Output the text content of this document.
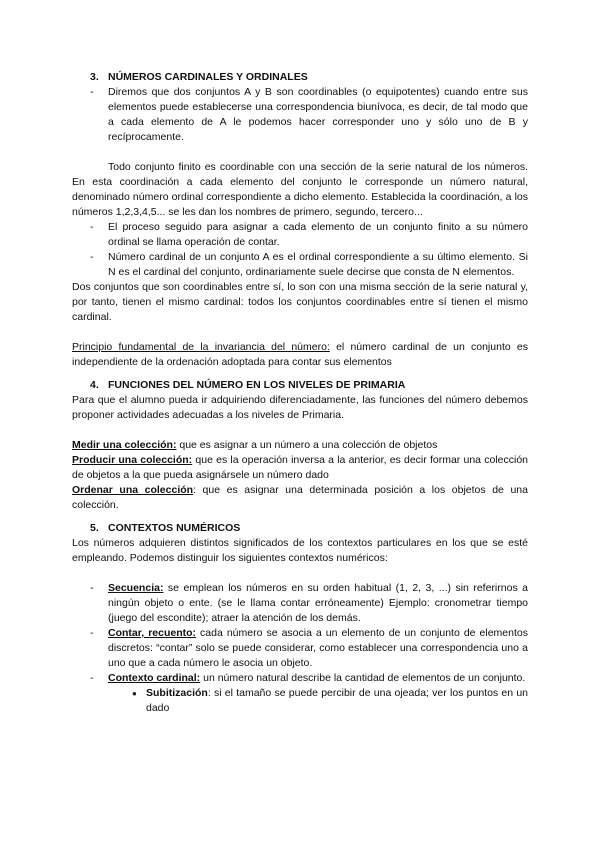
3. NÚMEROS CARDINALES Y ORDINALES

- Diremos que dos conjuntos A y B son coordinables (o equipotentes) cuando entre sus elementos puede establecerse una correspondencia biunívoca, es decir, de tal modo que a cada elemento de A le podemos hacer corresponder uno y sólo uno de B y recíprocamente.

Todo conjunto finito es coordinable con una sección de la serie natural de los números. En esta coordinación a cada elemento del conjunto le corresponde un número natural, denominado número ordinal correspondiente a dicho elemento. Establecida la coordinación, a los números 1,2,3,4,5... se les dan los nombres de primero, segundo, tercero...

- El proceso seguido para asignar a cada elemento de un conjunto finito a su número ordinal se llama operación de contar.

- Número cardinal de un conjunto A es el ordinal correspondiente a su último elemento. Si N es el cardinal del conjunto, ordinariamente suele decirse que consta de N elementos.

Dos conjuntos que son coordinables entre sí, lo son con una misma sección de la serie natural y, por tanto, tienen el mismo cardinal: todos los conjuntos coordinables entre sí tienen el mismo cardinal.

Principio fundamental de la invariancia del número: el número cardinal de un conjunto es independiente de la ordenación adoptada para contar sus elementos

4. FUNCIONES DEL NÚMERO EN LOS NIVELES DE PRIMARIA

Para que el alumno pueda ir adquiriendo diferenciadamente, las funciones del número debemos proponer actividades adecuadas a los niveles de Primaria.

Medir una colección: que es asignar a un número a una colección de objetos

Producir una colección: que es la operación inversa a la anterior, es decir formar una colección de objetos a la que pueda asignársele un número dado

Ordenar una colección: que es asignar una determinada posición a los objetos de una colección.

5. CONTEXTOS NUMÉRICOS

Los números adquieren distintos significados de los contextos particulares en los que se esté empleando. Podemos distinguir los siguientes contextos numéricos:

- Secuencia: se emplean los números en su orden habitual (1, 2, 3, ...) sin referirnos a ningún objeto o ente. (se le llama contar erróneamente) Ejemplo: cronometrar tiempo (juego del escondite); atraer la atención de los demás.

- Contar, recuento: cada número se asocia a un elemento de un conjunto de elementos discretos: “contar” solo se puede considerar, como establecer una correspondencia uno a uno que a cada número le asocia un objeto.

- Contexto cardinal: un número natural describe la cantidad de elementos de un conjunto.

● Subitización: si el tamaño se puede percibir de una ojeada; ver los puntos en un dado
